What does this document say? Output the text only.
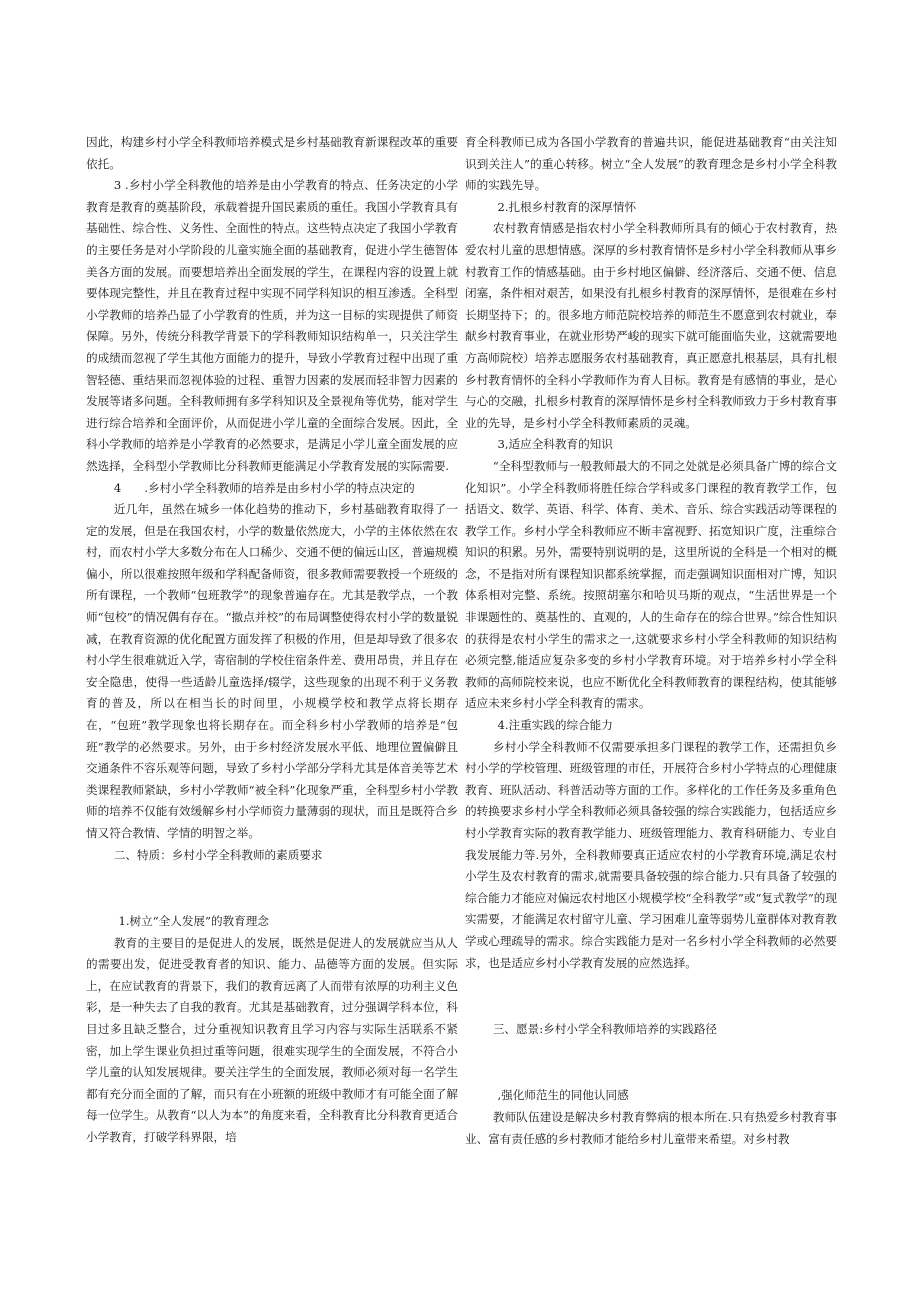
因此，构建乡村小学全科教师培养模式是乡村基础教育新课程改革的重要依托。

3 .乡村小学全科教他的培养是由小学教育的特点、任务决定的小学教育是教育的奠基阶段，承载着提升国民素质的重任。我国小学教育具有基础性、综合性、义务性、全面性的特点。这些特点决定了我国小学教育的主要任务是对小学阶段的儿童实施全面的基础教育，促进小学生德智体美各方面的发展。而要想培养出全面发展的学生，在课程内容的设置上就要体现完整性，并且在教育过程中实现不同学科知识的相互渗透。全科型小学教师的培养凸显了小学教育的性质，并为这一目标的实现提供了师资保障。另外，传统分科教学背景下的学科教师知识结构单一，只关注学生的成绩而忽视了学生其他方面能力的提升，导致小学教育过程中出现了重智轻德、重结果而忽视体验的过程、重智力因素的发展而轻非智力因素的发展等诸多问题。全科教师拥有多学科知识及全景视角等优势，能对学生进行综合培养和全面评价，从而促进小学儿童的全面综合发展。因此，全科小学教师的培养是小学教育的必然要求，是满足小学儿童全面发展的应然选择，全科型小学教师比分科教师更能满足小学教育发展的实际需要.

4　　.乡村小学全科教师的培养是由乡村小学的特点决定的

近几年，虽然在城乡一体化趋势的推动下，乡村基础教育取得了一定的发展，但是在我国农村，小学的数量依然庞大，小学的主体依然在农村，而农村小学大多数分布在人口稀少、交通不便的偏远山区，普遍规模偏小，所以很难按照年级和学科配备师资，很多教师需要教授一个班级的所有课程，一个教师“包班教学”的现象普遍存在。尤其是教学点，一个教师“包校”的情况偶有存在。“撤点并校”的布局调整使得农村小学的数量锐减，在教育资源的优化配置方面发挥了积极的作用，但是却导致了很多农村小学生很难就近入学，寄宿制的学校住宿条件差、费用昂贵，并且存在安全隐患，使得一些适龄儿童选择/辍学，这些现象的出现不利于义务教育的普及，所以在相当长的时间里，小规模学校和教学点将长期存在，“包班”教学现象也将长期存在。而全科乡村小学教师的培养是“包班”教学的必然要求。另外，由于乡村经济发展水平低、地理位置偏僻且交通条件不容乐观等问题，导致了乡村小学部分学科尤其是体音美等艺术类课程教师紧缺，乡村小学教师“被全科”化现象严重，全科型乡村小学教师的培养不仅能有效缓解乡村小学师资力量薄弱的现状，而且是既符合乡情又符合教情、学情的明智之举。

二、特质：乡村小学全科教师的素质要求

1.树立“全人发展”的教育理念

教育的主要目的是促进人的发展，既然是促进人的发展就应当从人的需要出发，促进受教育者的知识、能力、品德等方面的发展。但实际上，在应试教育的背景下，我们的教育远离了人而带有浓厚的功利主义色彩，是一种失去了自我的教育。尤其是基础教育，过分强调学科本位，科目过多且缺乏整合，过分重视知识教育且学习内容与实际生活联系不紧密，加上学生课业负担过重等问题，很难实现学生的全面发展，不符合小学儿童的认知发展规律。要关注学生的全面发展，教师必须对每一名学生都有充分而全面的了解，而只有在小班额的班级中教师才有可能全面了解每一位学生。从教育“以人为本”的角度来看，全科教育比分科教育更适合小学教育，打破学科界限，培

育全科教师已成为各国小学教育的普遍共识，能促进基础教育“由关注知识到关注人”的重心转移。树立“全人发展”的教育理念是乡村小学全科教师的实践先导。

2.扎根乡村教育的深厚情怀

农村教育情感是指农村小学全科教师所具有的倾心于农村教育，热爱农村儿童的思想情感。深厚的乡村教育情怀是乡村小学全科教师从事乡村教育工作的情感基础。由于乡村地区偏僻、经济落后、交通不便、信息闭塞，条件相对艰苦，如果没有扎根乡村教育的深厚情怀，是很难在乡村长期坚持下；的。很多地方师范院校培养的师范生不愿意到农村就业，奉献乡村教育事业，在就业形势严峻的现实下就可能面临失业，这就需要地方高师院校）培养志愿服务农村基础教育，真正愿意扎根基层，具有扎根乡村教育情怀的全科小学教师作为育人目标。教育是有感情的事业，是心与心的交融，扎根乡村教育的深厚情怀是乡村全科教师致力于乡村教育事业的先导，是乡村小学全科教师素质的灵魂。

3,适应全科教育的知识

“全科型教师与一般教师最大的不同之处就是必须具备广博的综合文化知识”。小学全科教师将胜任综合学科或多门课程的教育教学工作，包括语文、数学、英语、科学、体育、美术、音乐、综合实践活动等课程的教学工作。乡村小学全科教师应不断丰富视野、拓宽知识广度，注重综合知识的积累。另外，需要特别说明的是，这里所说的全科是一个相对的概念，不是指对所有课程知识都系统掌握，而走强调知识面相对广博，知识体系相对完整、系统。按照胡塞尔和哈贝马斯的观点，“生活世界是一个非课题性的、奠基性的、直观的，人的生命存在的综合世界。”综合性知识的获得是农村小学生的需求之一,这就要求乡村小学全科教师的知识结构必须完整,能适应复杂多变的乡村小学教育环境。对于培养乡村小学全科教师的高师院校来说，也应不断优化全科教师教育的课程结构，使其能够适应未来乡村小学全科教育的需求。

4.注重实践的综合能力

乡村小学全科教师不仅需要承担多门课程的教学工作，还需担负乡村小学的学校管理、班级管理的市任，开展符合乡村小学特点的心理健康教育、班队活动、科普活动等方面的工作。多样化的工作任务及多重角色的转换要求乡村小学全科教师必须具备较强的综合实践能力，包括适应乡村小学教育实际的教育教学能力、班级管理能力、教育科研能力、专业自我发展能力等.另外，全科教师要真正适应农村的小学教育环境,满足农村小学生及农村教育的需求,就需要具备较强的综合能力.只有具备了较强的综合能力才能应对偏远农村地区小规模学校“全科教学”或“复式教学”的现实需要，才能满足农村留守儿童、学习困难儿童等弱势儿童群体对教育教学或心理疏导的需求。综合实践能力是对一名乡村小学全科教师的必然要求，也是适应乡村小学教育发展的应然选择。

三、愿景:乡村小学全科教师培养的实践路径

,强化师范生的同他认同感

教师队伍建设是解决乡村教育弊病的根本所在.只有热爱乡村教育事业、富有责任感的乡村教师才能给乡村儿童带来希望。对乡村教
